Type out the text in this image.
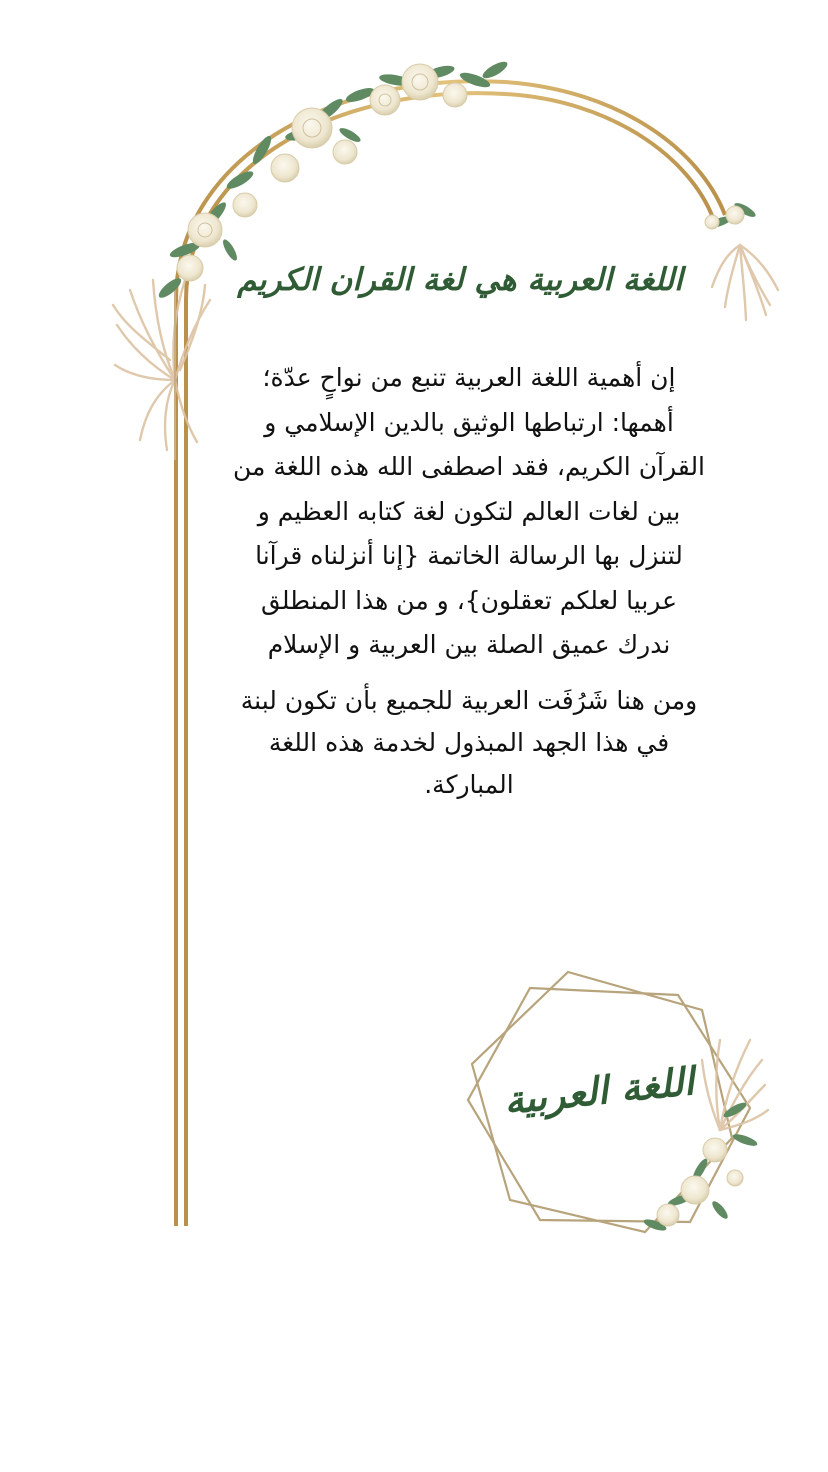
اللغة العربية هي لغة القران الكريم

إن أهمية اللغة العربية تنبع من نواحٍ عدّة؛ أهمها: ارتباطها الوثيق بالدين الإسلامي و القرآن الكريم، فقد اصطفى الله هذه اللغة من بين لغات العالم لتكون لغة كتابه العظيم و لتنزل بها الرسالة الخاتمة {إنا أنزلناه قرآنا عربيا لعلكم تعقلون}، و من هذا المنطلق ندرك عميق الصلة بين العربية و الإسلام

ومن هنا شَرُفَت العربية للجميع بأن تكون لبنة في هذا الجهد المبذول لخدمة هذه اللغة المباركة.

اللغة العربية
